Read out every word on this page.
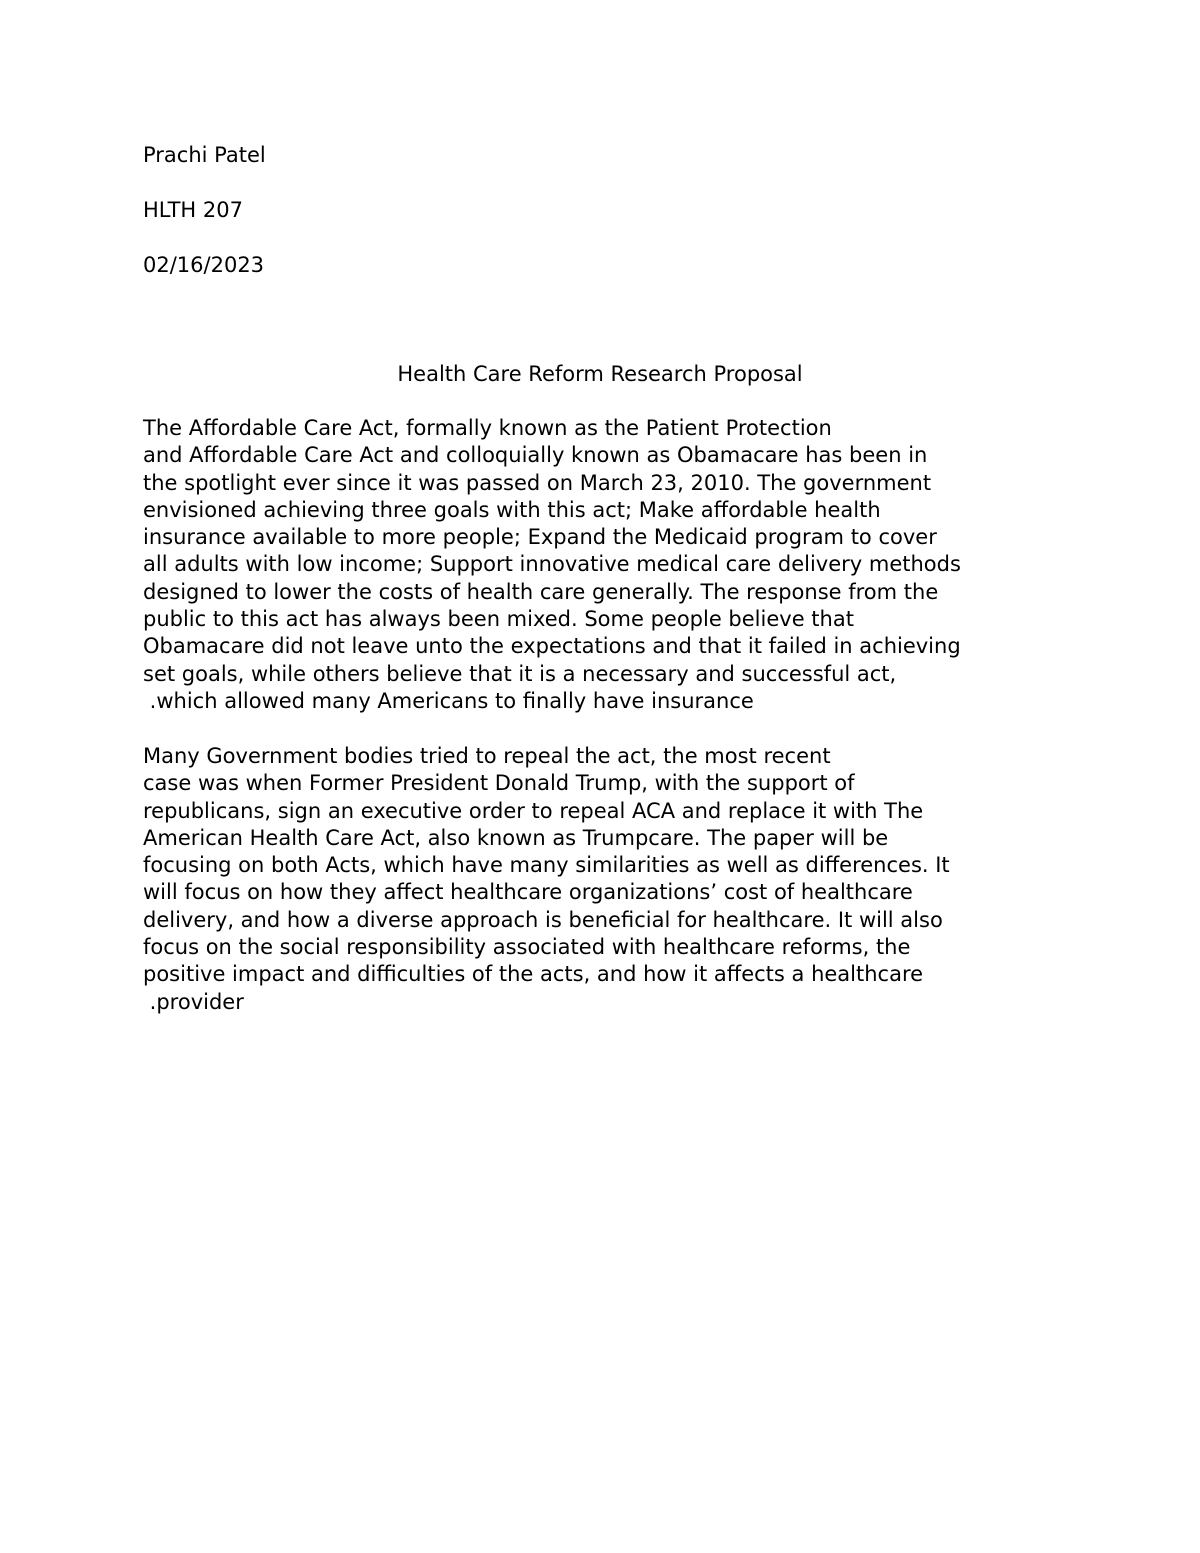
Prachi Patel
HLTH 207
02/16/2023
Health Care Reform Research Proposal
The Affordable Care Act, formally known as the Patient Protection
and Affordable Care Act and colloquially known as Obamacare has been in
the spotlight ever since it was passed on March 23, 2010. The government
envisioned achieving three goals with this act; Make affordable health
insurance available to more people; Expand the Medicaid program to cover
all adults with low income; Support innovative medical care delivery methods
designed to lower the costs of health care generally. The response from the
public to this act has always been mixed. Some people believe that
Obamacare did not leave unto the expectations and that it failed in achieving
set goals, while others believe that it is a necessary and successful act,
.which allowed many Americans to finally have insurance
Many Government bodies tried to repeal the act, the most recent
case was when Former President Donald Trump, with the support of
republicans, sign an executive order to repeal ACA and replace it with The
American Health Care Act, also known as Trumpcare. The paper will be
focusing on both Acts, which have many similarities as well as differences. It
will focus on how they affect healthcare organizations’ cost of healthcare
delivery, and how a diverse approach is beneficial for healthcare. It will also
focus on the social responsibility associated with healthcare reforms, the
positive impact and difficulties of the acts, and how it affects a healthcare
.provider
